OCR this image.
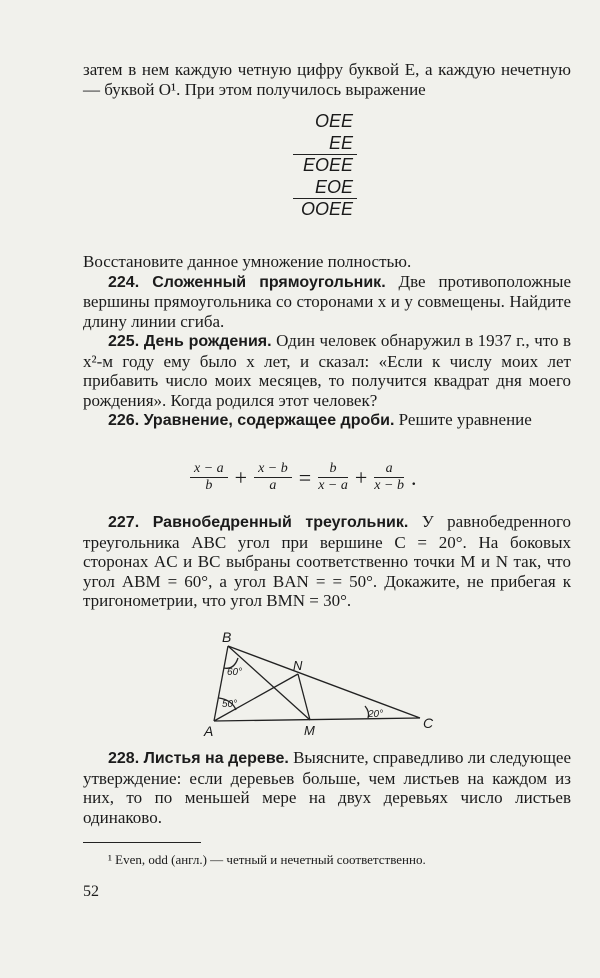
затем в нем каждую четную цифру буквой E, а каждую нечетную — буквой O¹. При этом получилось выражение

OEE
EE
EOEE
EOE
OOEE

Восстановите данное умножение полностью.

224. Сложенный прямоугольник. Две противоположные вершины прямоугольника со сторонами x и y совмещены. Найдите длину линии сгиба.

225. День рождения. Один человек обнаружил в 1937 г., что в x²-м году ему было x лет, и сказал: «Если к числу моих лет прибавить число моих месяцев, то получится квадрат дня моего рождения». Когда родился этот человек?

226. Уравнение, содержащее дроби. Решите уравнение

$\frac{x - a}{b} + \frac{x - b}{a} = \frac{b}{x - a} + \frac{a}{x - b}$ .

227. Равнобедренный треугольник. У равнобедренного треугольника ABC угол при вершине C = 20°. На боковых сторонах AC и BC выбраны соответственно точки M и N так, что угол ABM = 60°, а угол BAN = = 50°. Докажите, не прибегая к тригонометрии, что угол BMN = 30°.

B
A	C
N
M
60°
50°
20°

228. Листья на дереве. Выясните, справедливо ли следующее утверждение: если деревьев больше, чем листьев на каждом из них, то по меньшей мере на двух деревьях число листьев одинаково.

¹ Even, odd (англ.) — четный и нечетный соответственно.
52
